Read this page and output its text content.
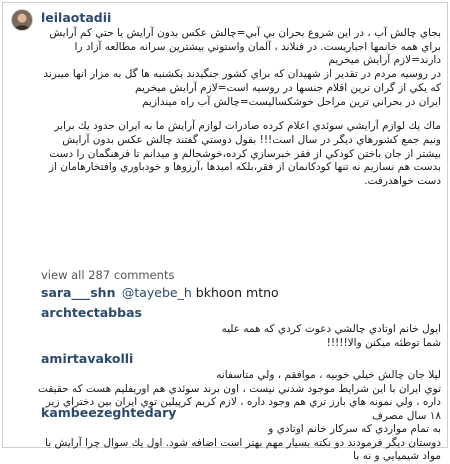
leilaotadii
بجاي چالش آب ، در اين شروع بحران بي آبي=چالش عکس بدون آرايش يا حتي کم آرايش براي همه خانمها اجباريست. در فنلاند ، آلمان واستوني بيشترين سرانه مطالعه آزاد را دارند=لازم آرايش ميخريم
در روسيه مردم در تقدير از شهيدان که براي کشور جنگيدند يکشنبه ها گل به مزار انها ميبرند که يکي از گران ترين اقلام جنسها در روسيه است=لازم آرايش ميخريم
ايران در بحراني ترين مراحل خوشکساليست=چالش آب راه ميندازيم
ماك يك لوازم آرايشي سوئدي اعلام كرده صادرات لوازم آرايش ما به ايران حدود يك برابر ونيم جمع كشورهاي ديگر در سال است!!! بقول دوستي گفتند چالش عكس بدون آرايش بيشتر از جان باختن كودكي از فقر خبرسازي كرده،خوشحالم و ميدانم تا فرهنگمان را دست بدست هم نسازيم نه تنها كودكانمان از فقر،بلكه اميدها ،آرزوها و خودباوري وافتخارهامان از دست خواهدرفت.
view all 287 comments
sara___shn @tayebe_h bkhoon mtno
archtectabbas
ايول خانم اوتادي چالشي دعوت كردي كه همه عليه
شما توطئه ميكنن والا!!!!!
amirtavakolli
ليلا جان چالش خيلي خوبيه ، موافقم ، ولي متاسفانه
توي ايران با اين شرايط موجود شدني نيست ، اون برند سوئدي هم اوريفليم هست كه حقيقت داره ، ولي نمونه هاي بارز تري هم وجود داره ، لازم كريم كرپيلين توي ايران بين دختراي زير ١٨ سال مصرف
kambeezeghtedary
به تمام مواردي كه سركار خانم اوتادي و
دوستان ديگر فرمودند دو نكته بسيار مهم بهتر است اضافه شود. اول يك سوال چرا آرايش با مواد شيميايي و نه با
